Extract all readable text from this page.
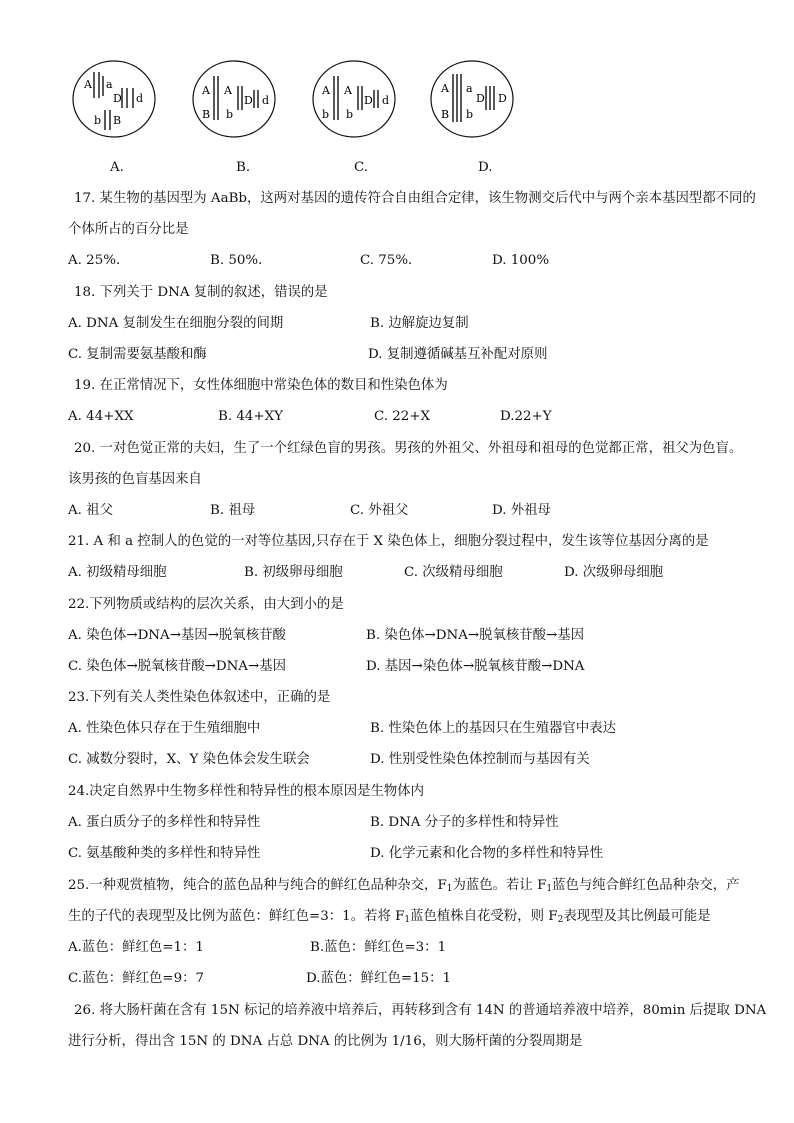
A a
D d
b B
A.
A A
D d
B b
B.
A A
D d
b b
C.
A a
D D
B b
D.
17. 某生物的基因型为 AaBb，这两对基因的遗传符合自由组合定律，该生物测交后代中与两个亲本基因型都不同的
个体所占的百分比是
A. 25%．	B. 50%．	C. 75%．	D. 100%
18. 下列关于 DNA 复制的叙述，错误的是
A. DNA 复制发生在细胞分裂的间期	B. 边解旋边复制
C. 复制需要氨基酸和酶	D. 复制遵循碱基互补配对原则
19. 在正常情况下，女性体细胞中常染色体的数目和性染色体为
A. 44+XX	B. 44+XY	C. 22+X	D.22+Y
20. 一对色觉正常的夫妇，生了一个红绿色盲的男孩。男孩的外祖父、外祖母和祖母的色觉都正常，祖父为色盲。
该男孩的色盲基因来自
A. 祖父	B. 祖母	C. 外祖父	D. 外祖母
21. A 和 a 控制人的色觉的一对等位基因,只存在于 X 染色体上，细胞分裂过程中，发生该等位基因分离的是
A. 初级精母细胞	B. 初级卵母细胞	C. 次级精母细胞	D. 次级卵母细胞
22.下列物质或结构的层次关系，由大到小的是
A. 染色体→DNA→基因→脱氧核苷酸	B. 染色体→DNA→脱氧核苷酸→基因
C. 染色体→脱氧核苷酸→DNA→基因	D. 基因→染色体→脱氧核苷酸→DNA
23.下列有关人类性染色体叙述中，正确的是
A. 性染色体只存在于生殖细胞中	B. 性染色体上的基因只在生殖器官中表达
C. 减数分裂时，X、Y 染色体会发生联会	D. 性别受性染色体控制而与基因有关
24.决定自然界中生物多样性和特异性的根本原因是生物体内
A. 蛋白质分子的多样性和特异性	B. DNA 分子的多样性和特异性
C. 氨基酸种类的多样性和特异性	D. 化学元素和化合物的多样性和特异性
25.一种观赏植物，纯合的蓝色品种与纯合的鲜红色品种杂交，$F_1$为蓝色。若让 $F_1$蓝色与纯合鲜红色品种杂交，产
生的子代的表现型及比例为蓝色：鲜红色=3：1。若将 $F_1$蓝色植株自花受粉，则 $F_2$表现型及其比例最可能是
A.蓝色：鲜红色=1：1	B.蓝色：鲜红色=3：1
C.蓝色：鲜红色=9：7	D.蓝色：鲜红色=15：1
26. 将大肠杆菌在含有 15N 标记的培养液中培养后，再转移到含有 14N 的普通培养液中培养，80min 后提取 DNA
进行分析，得出含 15N 的 DNA 占总 DNA 的比例为 1/16，则大肠杆菌的分裂周期是
